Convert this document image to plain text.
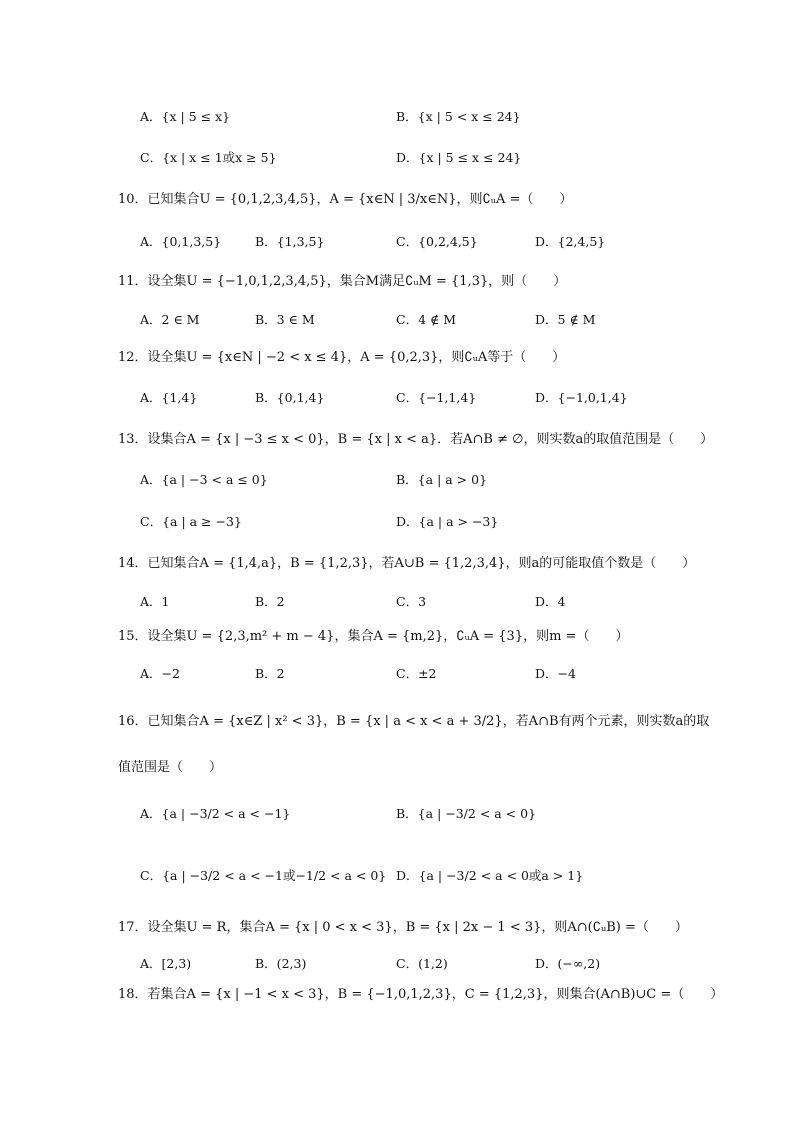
A．{x | 5 ≤ x}	B．{x | 5 < x ≤ 24}
C．{x | x ≤ 1或x ≥ 5}	D．{x | 5 ≤ x ≤ 24}
10．已知集合U = {0,1,2,3,4,5}，A = {x∈N | 3/x∈N}，则∁ᵤA =（　　）
A．{0,1,3,5}	B．{1,3,5}	C．{0,2,4,5}	D．{2,4,5}
11．设全集U = {−1,0,1,2,3,4,5}，集合M满足∁ᵤM = {1,3}，则（　　）
A．2 ∈ M	B．3 ∈ M	C．4 ∉ M	D．5 ∉ M
12．设全集U = {x∈N | −2 < x ≤ 4}，A = {0,2,3}，则∁ᵤA等于（　　）
A．{1,4}	B．{0,1,4}	C．{−1,1,4}	D．{−1,0,1,4}
13．设集合A = {x | −3 ≤ x < 0}，B = {x | x < a}．若A∩B ≠ ∅，则实数a的取值范围是（　　）
A．{a | −3 < a ≤ 0}	B．{a | a > 0}
C．{a | a ≥ −3}	D．{a | a > −3}
14．已知集合A = {1,4,a}，B = {1,2,3}，若A∪B = {1,2,3,4}，则a的可能取值个数是（　　）
A．1	B．2	C．3	D．4
15．设全集U = {2,3,m² + m − 4}，集合A = {m,2}，∁ᵤA = {3}，则m =（　　）
A．−2	B．2	C．±2	D．−4
16．已知集合A = {x∈Z | x² < 3}，B = {x | a < x < a + 3/2}，若A∩B有两个元素，则实数a的取
值范围是（　　）
A．{a | −3/2 < a < −1}	B．{a | −3/2 < a < 0}
C．{a | −3/2 < a < −1或−1/2 < a < 0} D．{a | −3/2 < a < 0或a > 1}
17．设全集U = R，集合A = {x | 0 < x < 3}，B = {x | 2x − 1 < 3}，则A∩(∁ᵤB) =（　　）
A．[2,3)	B．(2,3)	C．(1,2)	D．(−∞,2)
18．若集合A = {x | −1 < x < 3}，B = {−1,0,1,2,3}，C = {1,2,3}，则集合(A∩B)∪C =（　　）
